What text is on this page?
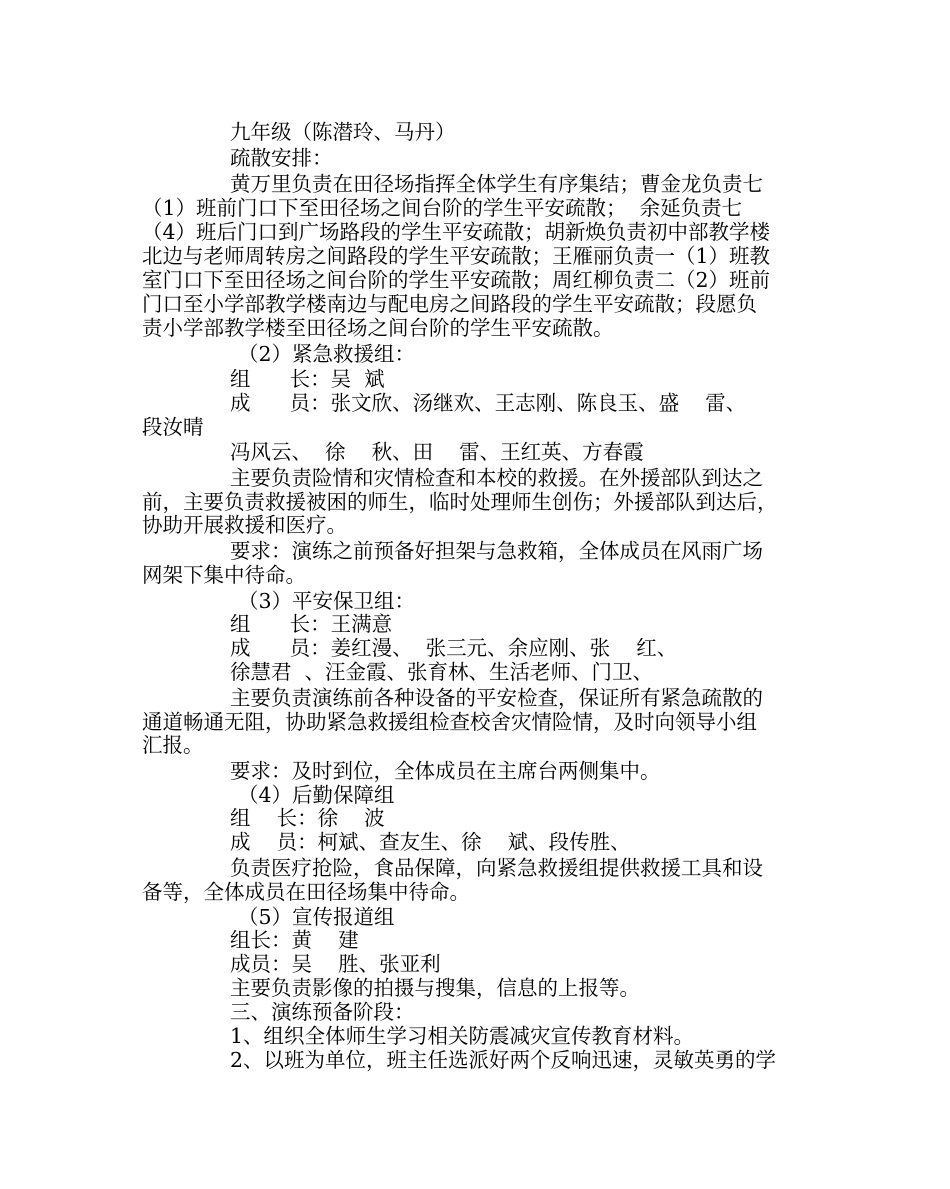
九年级（陈潜玲、马丹）
疏散安排：
黄万里负责在田径场指挥全体学生有序集结；曹金龙负责七
（1）班前门口下至田径场之间台阶的学生平安疏散；  余延负责七
（4）班后门口到广场路段的学生平安疏散；胡新焕负责初中部教学楼
北边与老师周转房之间路段的学生平安疏散；王雁丽负责一（1）班教
室门口下至田径场之间台阶的学生平安疏散；周红柳负责二（2）班前
门口至小学部教学楼南边与配电房之间路段的学生平安疏散；段愿负
责小学部教学楼至田径场之间台阶的学生平安疏散。
（2）紧急救援组：
组      长：吴  斌
成      员：张文欣、汤继欢、王志刚、陈良玉、盛    雷、
段汝晴
冯风云、  徐    秋、田    雷、王红英、方春霞
主要负责险情和灾情检查和本校的救援。在外援部队到达之
前，主要负责救援被困的师生，临时处理师生创伤；外援部队到达后，
协助开展救援和医疗。
要求：演练之前预备好担架与急救箱，全体成员在风雨广场
网架下集中待命。
（3）平安保卫组：
组      长：王满意
成      员：姜红漫、  张三元、余应刚、张    红、
徐慧君  、汪金霞、张育林、生活老师、门卫、
主要负责演练前各种设备的平安检查，保证所有紧急疏散的
通道畅通无阻，协助紧急救援组检查校舍灾情险情，及时向领导小组
汇报。
要求：及时到位，全体成员在主席台两侧集中。
（4）后勤保障组
组    长：徐    波
成    员：柯斌、查友生、徐    斌、段传胜、
负责医疗抢险，食品保障，向紧急救援组提供救援工具和设
备等，全体成员在田径场集中待命。
（5）宣传报道组
组长：黄    建
成员：吴    胜、张亚利
主要负责影像的拍摄与搜集，信息的上报等。
三、演练预备阶段：
1、组织全体师生学习相关防震减灾宣传教育材料。
2、以班为单位，班主任选派好两个反响迅速，灵敏英勇的学
